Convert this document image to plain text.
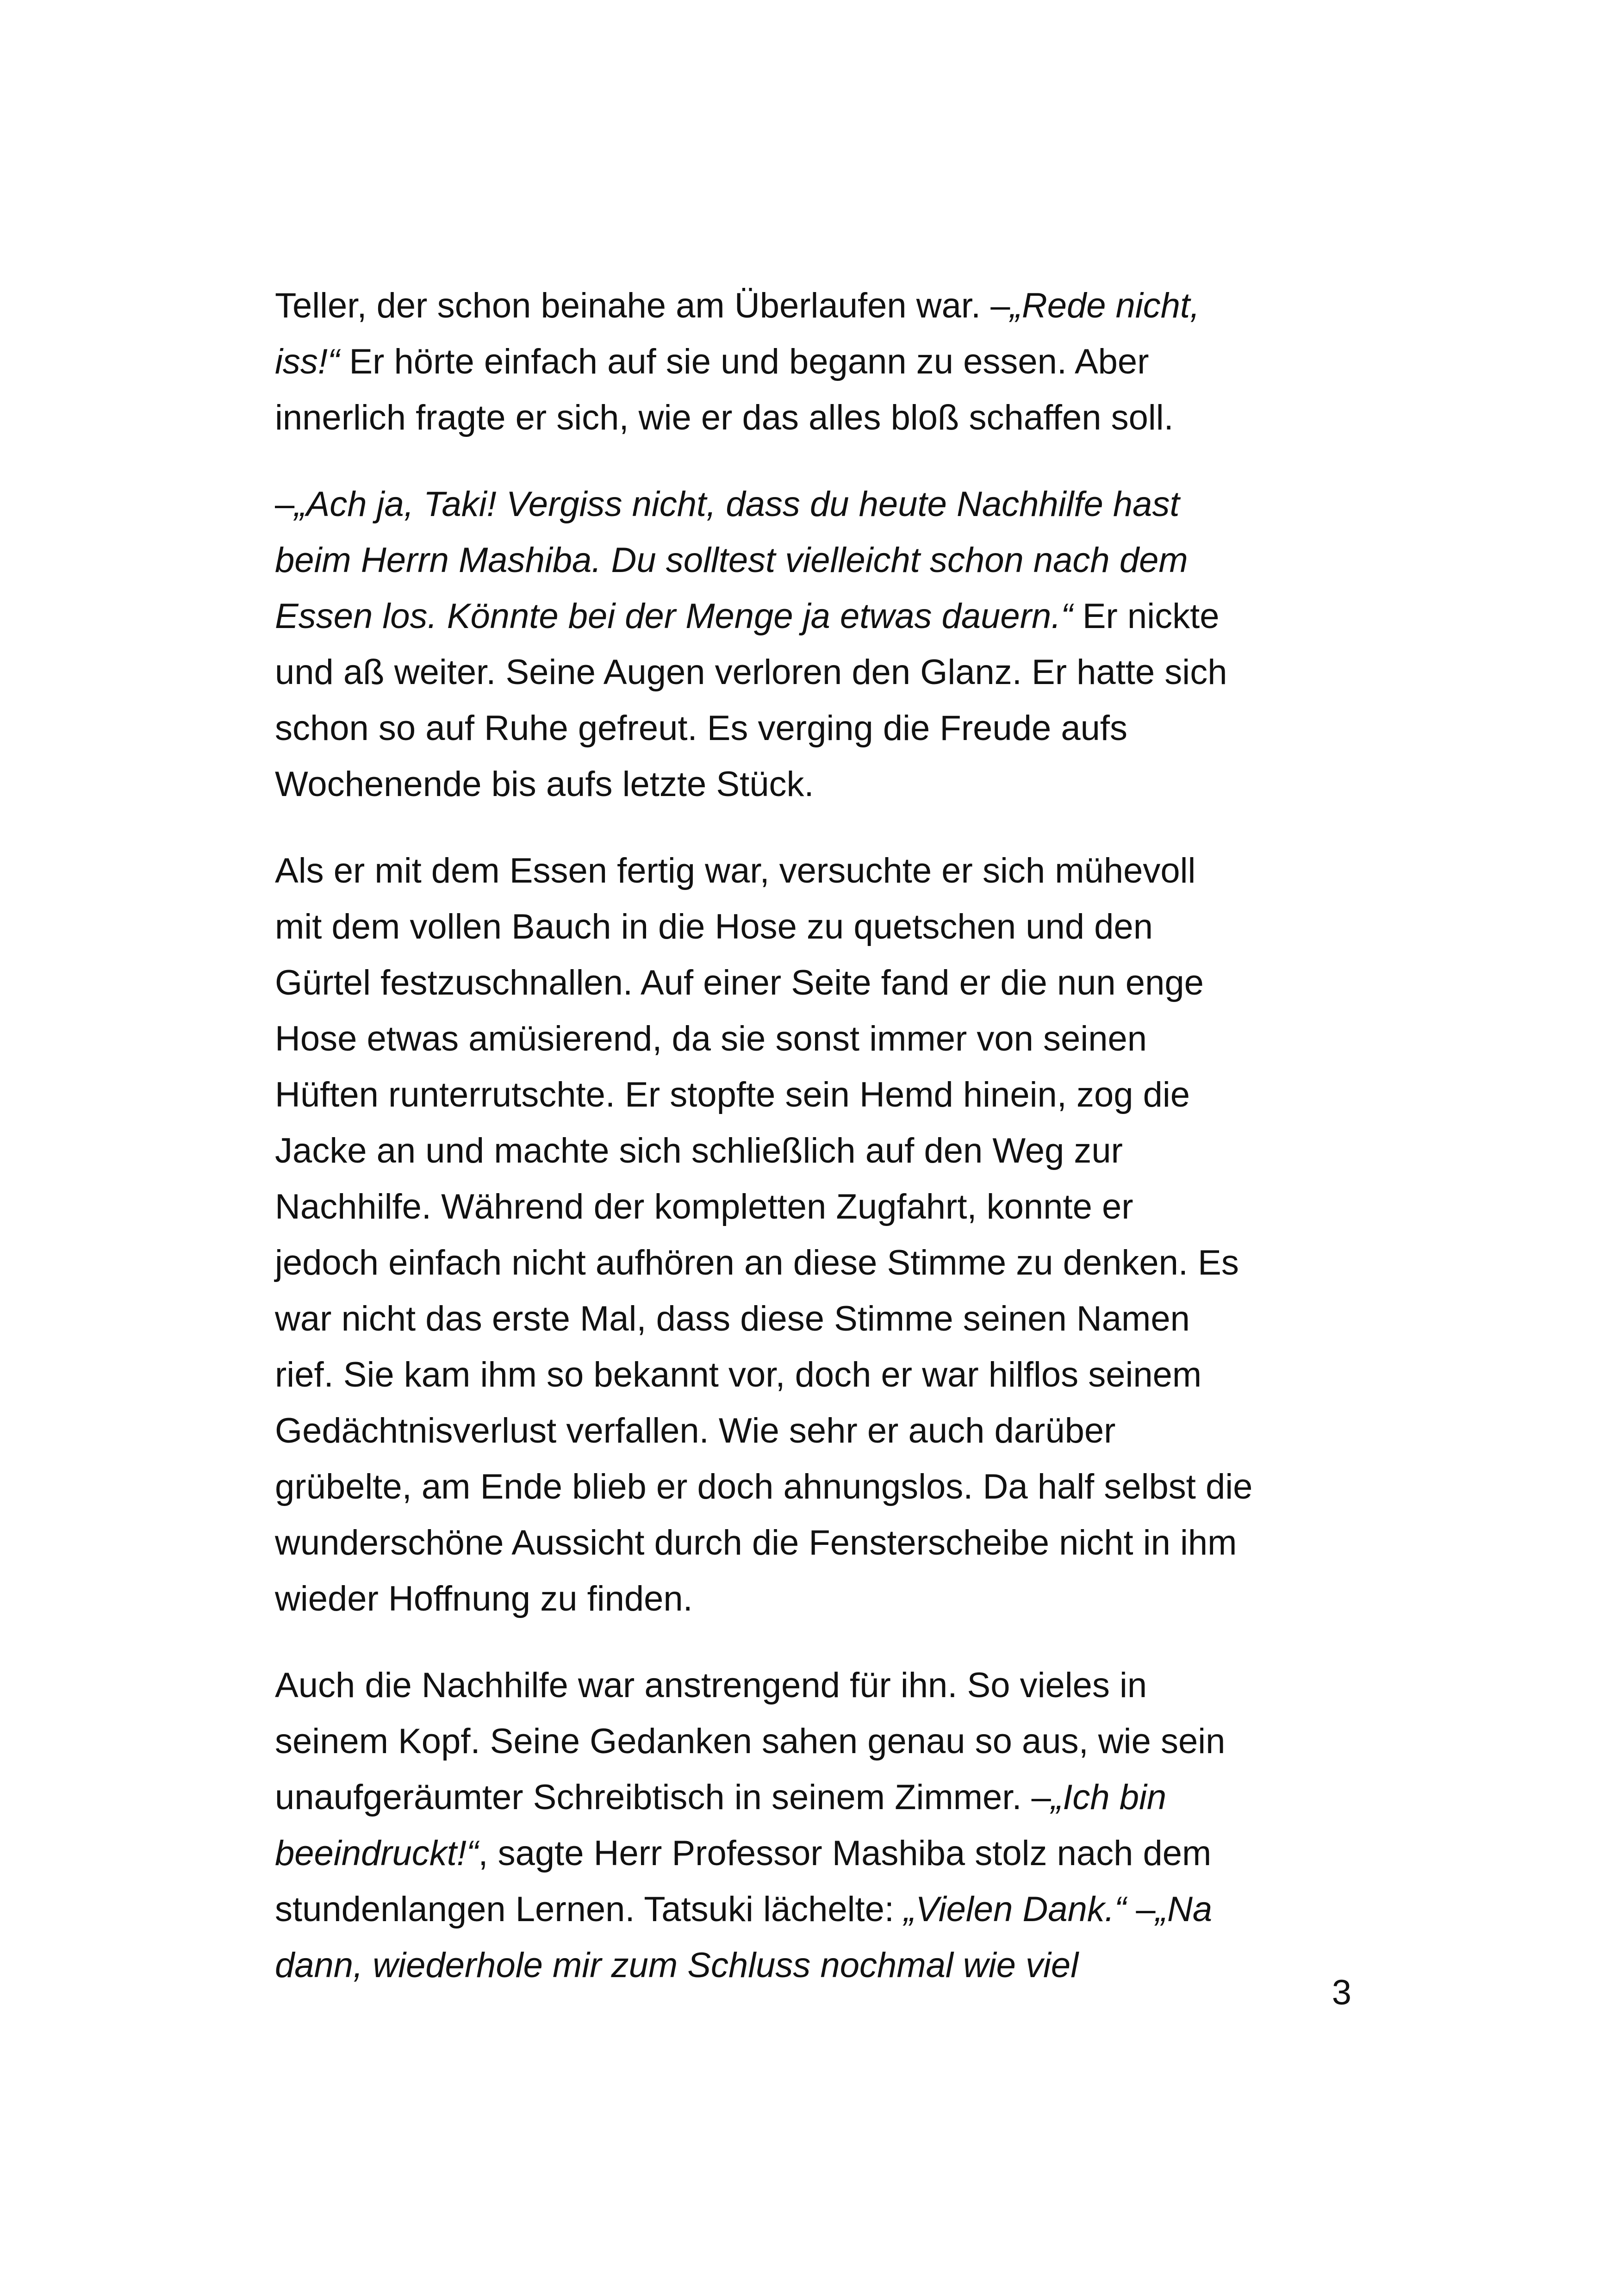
Teller, der schon beinahe am Überlaufen war. –„Rede nicht,
iss!“ Er hörte einfach auf sie und begann zu essen. Aber
innerlich fragte er sich, wie er das alles bloß schaffen soll.

–„Ach ja, Taki! Vergiss nicht, dass du heute Nachhilfe hast
beim Herrn Mashiba. Du solltest vielleicht schon nach dem
Essen los. Könnte bei der Menge ja etwas dauern.“ Er nickte
und aß weiter. Seine Augen verloren den Glanz. Er hatte sich
schon so auf Ruhe gefreut. Es verging die Freude aufs
Wochenende bis aufs letzte Stück.

Als er mit dem Essen fertig war, versuchte er sich mühevoll
mit dem vollen Bauch in die Hose zu quetschen und den
Gürtel festzuschnallen. Auf einer Seite fand er die nun enge
Hose etwas amüsierend, da sie sonst immer von seinen
Hüften runterrutschte. Er stopfte sein Hemd hinein, zog die
Jacke an und machte sich schließlich auf den Weg zur
Nachhilfe. Während der kompletten Zugfahrt, konnte er
jedoch einfach nicht aufhören an diese Stimme zu denken. Es
war nicht das erste Mal, dass diese Stimme seinen Namen
rief. Sie kam ihm so bekannt vor, doch er war hilflos seinem
Gedächtnisverlust verfallen. Wie sehr er auch darüber
grübelte, am Ende blieb er doch ahnungslos. Da half selbst die
wunderschöne Aussicht durch die Fensterscheibe nicht in ihm
wieder Hoffnung zu finden.

Auch die Nachhilfe war anstrengend für ihn. So vieles in
seinem Kopf. Seine Gedanken sahen genau so aus, wie sein
unaufgeräumter Schreibtisch in seinem Zimmer. –„Ich bin
beeindruckt!“, sagte Herr Professor Mashiba stolz nach dem
stundenlangen Lernen. Tatsuki lächelte: „Vielen Dank.“ –„Na
dann, wiederhole mir zum Schluss nochmal wie viel

3
